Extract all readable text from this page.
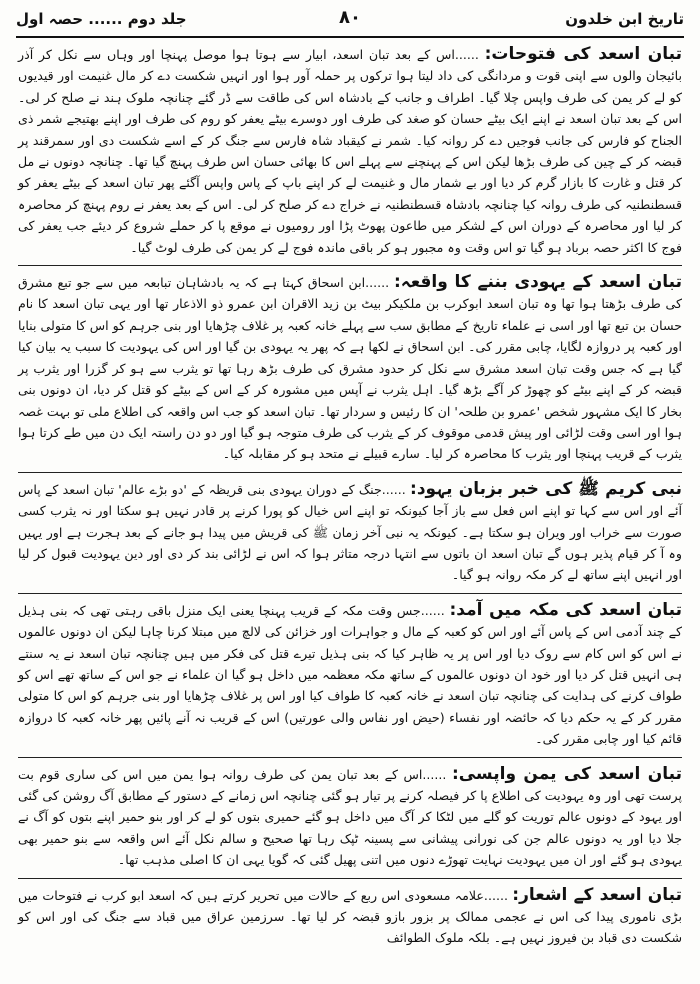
جلد دوم ...... حصہ اول	۸۰	تاریخ ابن خلدون

تبان اسعد کی فتوحات: ......اس کے بعد تبان اسعد، ابیار سے ہوتا ہوا موصل پہنچا اور وہاں سے نکل کر آذر بائیجان والوں سے اپنی قوت و مردانگی کی داد لیتا ہوا ترکوں پر حملہ آور ہوا اور انہیں شکست دے کر مال غنیمت اور قیدیوں کو لے کر یمن کی طرف واپس چلا گیا۔ اطراف و جانب کے بادشاہ اس کی طاقت سے ڈر گئے چنانچہ ملوک ہند نے صلح کر لی۔ اس کے بعد تبان اسعد نے اپنے ایک بیٹے حسان کو صغد کی طرف اور دوسرے بیٹے یعفر کو روم کی طرف اور اپنے بھتیجے شمر ذی الجناح کو فارس کی جانب فوجیں دے کر روانہ کیا۔ شمر نے کیقباد شاہ فارس سے جنگ کر کے اسے شکست دی اور سمرقند پر قبضہ کر کے چین کی طرف بڑھا لیکن اس کے پہنچنے سے پہلے اس کا بھائی حسان اس طرف پہنچ گیا تھا۔ چنانچہ دونوں نے مل کر قتل و غارت کا بازار گرم کر دیا اور بے شمار مال و غنیمت لے کر اپنے باپ کے پاس واپس آگئے پھر تبان اسعد کے بیٹے یعفر کو قسطنطنیہ کی طرف روانہ کیا چنانچہ بادشاہ قسطنطنیہ نے خراج دے کر صلح کر لی۔ اس کے بعد یعفر نے روم پہنچ کر محاصرہ کر لیا اور محاصرہ کے دوران اس کے لشکر میں طاعون پھوٹ پڑا اور رومیوں نے موقع پا کر حملے شروع کر دیئے جب یعفر کی فوج کا اکثر حصہ برباد ہو گیا تو اس وقت وہ مجبور ہو کر باقی ماندہ فوج لے کر یمن کی طرف لوٹ گیا۔

تبان اسعد کے یہودی بننے کا واقعہ: ......ابن اسحاق کہتا ہے کہ یہ بادشاہان تبابعہ میں سے جو تبع مشرق کی طرف بڑھتا ہوا تھا وہ تبان اسعد ابوکرب بن ملکیکر بیٹ بن زید الاقران ابن عمرو ذو الاذعار تھا اور یہی تبان اسعد کا نام حسان بن تبع تھا اور اسی نے علماء تاریخ کے مطابق سب سے پہلے خانہ کعبہ پر غلاف چڑھایا اور بنی جرہم کو اس کا متولی بنایا اور کعبہ پر دروازہ لگایا، چابی مقرر کی۔ ابن اسحاق نے لکھا ہے کہ پھر یہ یہودی بن گیا اور اس کی یہودیت کا سبب یہ بیان کیا گیا ہے کہ جس وقت تبان اسعد مشرق سے نکل کر حدود مشرق کی طرف بڑھ رہا تھا تو یثرب سے ہو کر گزرا اور یثرب پر قبضہ کر کے اپنے بیٹے کو چھوڑ کر آگے بڑھ گیا۔ اہل یثرب نے آپس میں مشورہ کر کے اس کے بیٹے کو قتل کر دیا، ان دونوں بنی بخار کا ایک مشہور شخص 'عمرو بن طلحہ' ان کا رئیس و سردار تھا۔ تبان اسعد کو جب اس واقعہ کی اطلاع ملی تو بہت غصہ ہوا اور اسی وقت لڑائی اور پیش قدمی موقوف کر کے یثرب کی طرف متوجہ ہو گیا اور دو دن راستہ ایک دن میں طے کرتا ہوا یثرب کے قریب پہنچا اور یثرب کا محاصرہ کر لیا۔ سارے قبیلے نے متحد ہو کر مقابلہ کیا۔

نبی کریم ﷺ کی خبر بزبان یہود: ......جنگ کے دوران یہودی بنی قریظہ کے 'دو بڑے عالم' تبان اسعد کے پاس آئے اور اس سے کہا تو اپنے اس فعل سے باز آجا کیونکہ تو اپنے اس خیال کو پورا کرنے پر قادر نہیں ہو سکتا اور نہ یثرب کسی صورت سے خراب اور ویران ہو سکتا ہے۔ کیونکہ یہ نبی آخر زمان ﷺ کی قریش میں پیدا ہو جانے کے بعد ہجرت ہے اور یہیں وہ آ کر قیام پذیر ہوں گے تبان اسعد ان باتوں سے انتہا درجہ متاثر ہوا کہ اس نے لڑائی بند کر دی اور دین یہودیت قبول کر لیا اور انہیں اپنے ساتھ لے کر مکہ روانہ ہو گیا۔

تبان اسعد کی مکہ میں آمد: ......جس وقت مکہ کے قریب پہنچا یعنی ایک منزل باقی رہتی تھی کہ بنی ہذیل کے چند آدمی اس کے پاس آئے اور اس کو کعبہ کے مال و جواہرات اور خزائن کی لالچ میں مبتلا کرنا چاہا لیکن ان دونوں عالموں نے اس کو اس کام سے روک دیا اور اس پر یہ ظاہر کیا کہ بنی ہذیل تیرے قتل کی فکر میں ہیں چنانچہ تبان اسعد نے یہ سنتے ہی انہیں قتل کر دیا اور خود ان دونوں عالموں کے ساتھ مکہ معظمہ میں داخل ہو گیا ان علماء نے جو اس کے ساتھ تھے اس کو طواف کرنے کی ہدایت کی چنانچہ تبان اسعد نے خانہ کعبہ کا طواف کیا اور اس پر غلاف چڑھایا اور بنی جرہم کو اس کا متولی مقرر کر کے یہ حکم دیا کہ حائضہ اور نفساء (حیض اور نفاس والی عورتیں) اس کے قریب نہ آنے پائیں پھر خانہ کعبہ کا دروازہ قائم کیا اور چابی مقرر کی۔

تبان اسعد کی یمن واپسی: ......اس کے بعد تبان یمن کی طرف روانہ ہوا یمن میں اس کی ساری قوم بت پرست تھی اور وہ یہودیت کی اطلاع پا کر فیصلہ کرنے پر تیار ہو گئی چنانچہ اس زمانے کے دستور کے مطابق آگ روشن کی گئی اور یہود کے دونوں عالم توریت کو گلے میں لٹکا کر آگ میں داخل ہو گئے حمیری بتوں کو لے کر اور بنو حمیر اپنے بتوں کو آگ نے جلا دیا اور یہ دونوں عالم جن کی نورانی پیشانی سے پسینہ ٹپک رہا تھا صحیح و سالم نکل آئے اس واقعہ سے بنو حمیر بھی یہودی ہو گئے اور ان میں یہودیت نہایت تھوڑے دنوں میں اتنی پھیل گئی کہ گویا یہی ان کا اصلی مذہب تھا۔

تبان اسعد کے اشعار: ......علامہ مسعودی اس ربع کے حالات میں تحریر کرتے ہیں کہ اسعد ابو کرب نے فتوحات میں بڑی ناموری پیدا کی اس نے عجمی ممالک پر بزور بازو قبضہ کر لیا تھا۔ سرزمین عراق میں قباد سے جنگ کی اور اس کو شکست دی قباد بن فیروز نہیں ہے۔ بلکہ ملوک الطوائف
